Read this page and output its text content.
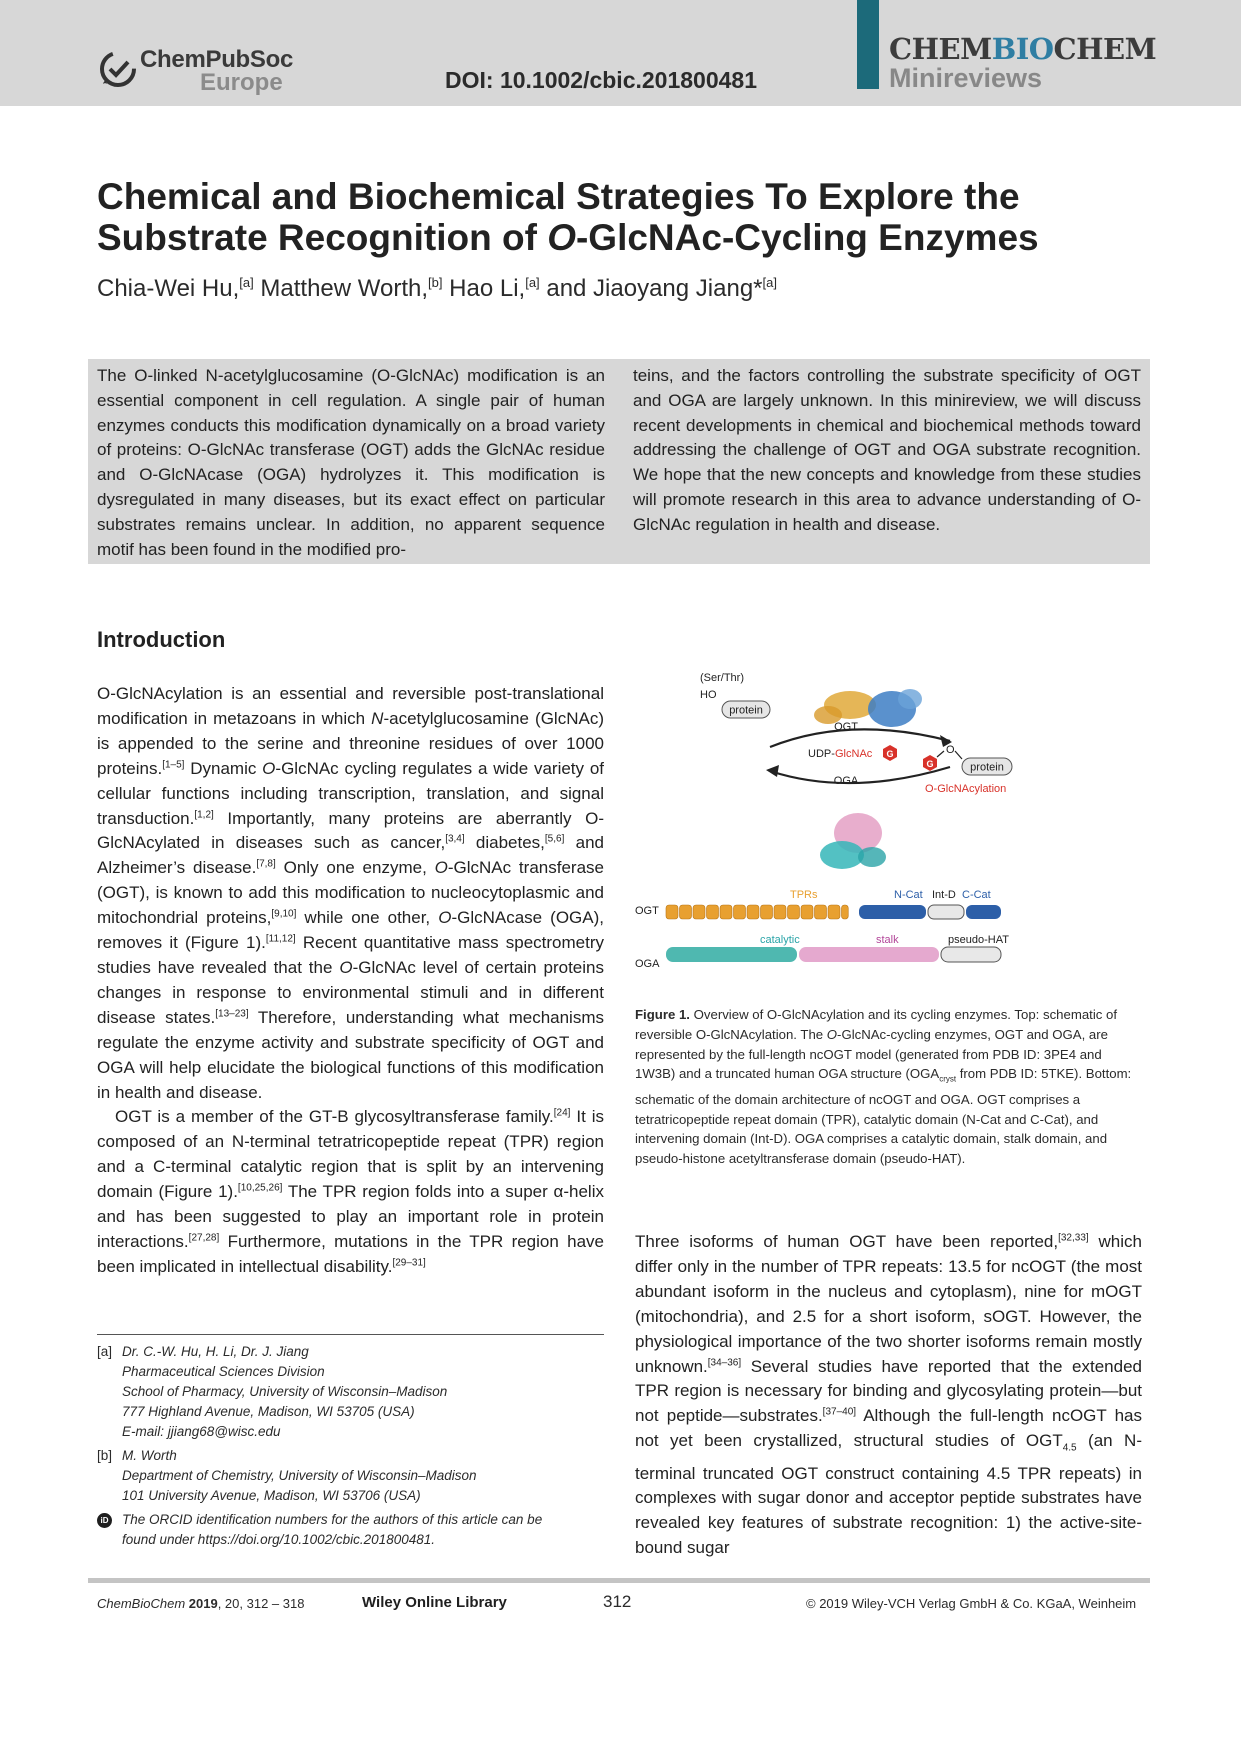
ChemPubSoc
Europe	DOI: 10.1002/cbic.201800481
CHEMBIOCHEM
Minireviews
Chemical and Biochemical Strategies To Explore the
Substrate Recognition of O-GlcNAc-Cycling Enzymes
Chia-Wei Hu,[a] Matthew Worth,[b] Hao Li,[a] and Jiaoyang Jiang*[a]
The O-linked N-acetylglucosamine (O-GlcNAc) modification is an essential component in cell regulation. A single pair of human enzymes conducts this modification dynamically on a broad variety of proteins: O-GlcNAc transferase (OGT) adds the GlcNAc residue and O-GlcNAcase (OGA) hydrolyzes it. This modification is dysregulated in many diseases, but its exact effect on particular substrates remains unclear. In addition, no apparent sequence motif has been found in the modified pro-
teins, and the factors controlling the substrate specificity of OGT and OGA are largely unknown. In this minireview, we will discuss recent developments in chemical and biochemical methods toward addressing the challenge of OGT and OGA substrate recognition. We hope that the new concepts and knowledge from these studies will promote research in this area to advance understanding of O-GlcNAc regulation in health and disease.
Introduction
O-GlcNAcylation is an essential and reversible post-translational modification in metazoans in which N-acetylglucosamine (GlcNAc) is appended to the serine and threonine residues of over 1000 proteins.[1–5] Dynamic O-GlcNAc cycling regulates a wide variety of cellular functions including transcription, translation, and signal transduction.[1,2] Importantly, many proteins are aberrantly O-GlcNAcylated in diseases such as cancer,[3,4] diabetes,[5,6] and Alzheimer’s disease.[7,8] Only one enzyme, O-GlcNAc transferase (OGT), is known to add this modification to nucleocytoplasmic and mitochondrial proteins,[9,10] while one other, O-GlcNAcase (OGA), removes it (Figure 1).[11,12] Recent quantitative mass spectrometry studies have revealed that the O-GlcNAc level of certain proteins changes in response to environmental stimuli and in different disease states.[13–23] Therefore, understanding what mechanisms regulate the enzyme activity and substrate specificity of OGT and OGA will help elucidate the biological functions of this modification in health and disease.
OGT is a member of the GT-B glycosyltransferase family.[24] It is composed of an N-terminal tetratricopeptide repeat (TPR) region and a C-terminal catalytic region that is split by an intervening domain (Figure 1).[10,25,26] The TPR region folds into a super α-helix and has been suggested to play an important role in protein interactions.[27,28] Furthermore, mutations in the TPR region have been implicated in intellectual disability.[29–31]
(Ser/Thr)
HO
protein
OGT
UDP- GlcNAc G
OGA
G
O
protein
O-GlcNAcylation
TPRs	N-Cat Int-D C-Cat
OGT
catalytic	stalk	pseudo-HAT
OGA
Figure 1. Overview of O-GlcNAcylation and its cycling enzymes. Top: schematic of reversible O-GlcNAcylation. The O-GlcNAc-cycling enzymes, OGT and OGA, are represented by the full-length ncOGT model (generated from PDB ID: 3PE4 and 1W3B) and a truncated human OGA structure ($OGA_{cryst}$ from PDB ID: 5TKE). Bottom: schematic of the domain architecture of ncOGT and OGA. OGT comprises a tetratricopeptide repeat domain (TPR), catalytic domain (N-Cat and C-Cat), and intervening domain (Int-D). OGA comprises a catalytic domain, stalk domain, and pseudo-histone acetyltransferase domain (pseudo-HAT).
Three isoforms of human OGT have been reported,[32,33] which differ only in the number of TPR repeats: 13.5 for ncOGT (the most abundant isoform in the nucleus and cytoplasm), nine for mOGT (mitochondria), and 2.5 for a short isoform, sOGT. However, the physiological importance of the two shorter isoforms remain mostly unknown.[34–36] Several studies have reported that the extended TPR region is necessary for binding and glycosylating protein—but not peptide—substrates.[37–40] Although the full-length ncOGT has not yet been crystallized, structural studies of $OGT_{4.5}$ (an N-terminal truncated OGT construct containing 4.5 TPR repeats) in complexes with sugar donor and acceptor peptide substrates have revealed key features of substrate recognition: 1) the active-site-bound sugar
[a] Dr. C.-W. Hu, H. Li, Dr. J. Jiang
Pharmaceutical Sciences Division
School of Pharmacy, University of Wisconsin–Madison
777 Highland Avenue, Madison, WI 53705 (USA)
E-mail: jjiang68@wisc.edu
[b] M. Worth
Department of Chemistry, University of Wisconsin–Madison
101 University Avenue, Madison, WI 53706 (USA)
iD The ORCID identification numbers for the authors of this article can be
found under https://doi.org/10.1002/cbic.201800481.
ChemBioChem 2019, 20, 312 – 318	Wiley Online Library	312	© 2019 Wiley-VCH Verlag GmbH & Co. KGaA, Weinheim
